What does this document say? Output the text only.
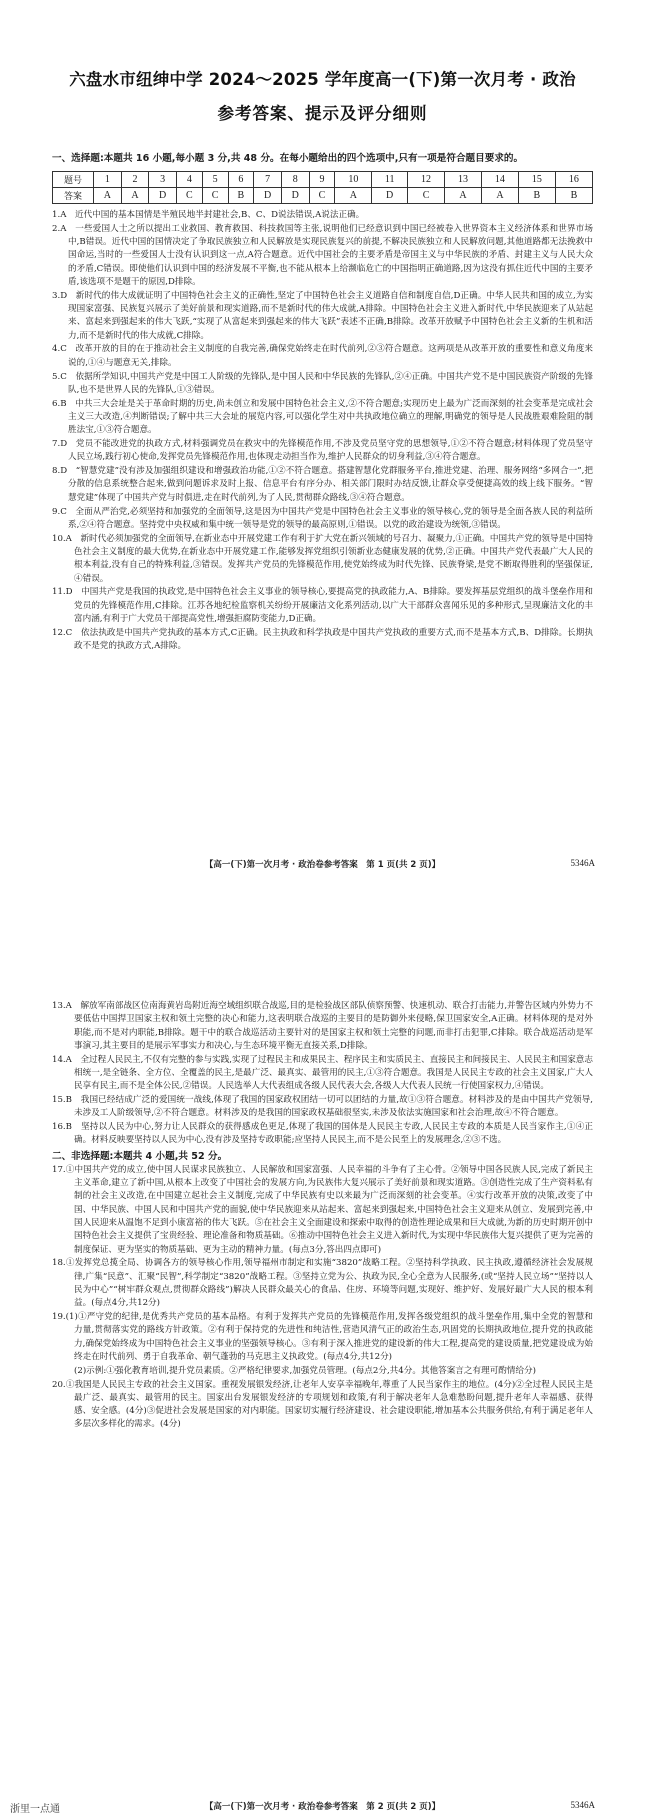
六盘水市纽绅中学 2024～2025 学年度高一(下)第一次月考 · 政治
参考答案、提示及评分细则

一、选择题:本题共 16 小题,每小题 3 分,共 48 分。在每小题给出的四个选项中,只有一项是符合题目要求的。

题号	1	2	3	4	5	6	7	8	9	10	11	12	13	14	15	16
答案	A	A	D	C	C	B	D	D	C	A	D	C	A	A	B	B

1.A　近代中国的基本国情是半殖民地半封建社会,B、C、D说法错误,A说法正确。

2.A　一些爱国人士之所以提出工业救国、教育救国、科技救国等主张,说明他们已经意识到中国已经被卷入世界资本主义经济体系和世界市场中,B错误。近代中国的国情决定了争取民族独立和人民解放是实现民族复兴的前提,不解决民族独立和人民解放问题,其他道路都无法挽救中国命运,当时的一些爱国人士没有认识到这一点,A符合题意。近代中国社会的主要矛盾是帝国主义与中华民族的矛盾、封建主义与人民大众的矛盾,C错误。即使他们认识到中国的经济发展不平衡,也不能从根本上给濒临危亡的中国指明正确道路,因为这没有抓住近代中国的主要矛盾,该选项不是题干的原因,D排除。

3.D　新时代的伟大成就证明了中国特色社会主义的正确性,坚定了中国特色社会主义道路自信和制度自信,D正确。中华人民共和国的成立,为实现国家富强、民族复兴展示了美好前景和现实道路,而不是新时代的伟大成就,A排除。中国特色社会主义进入新时代,中华民族迎来了从站起来、富起来到强起来的伟大飞跃,“实现了从富起来到强起来的伟大飞跃”表述不正确,B排除。改革开放赋予中国特色社会主义新的生机和活力,而不是新时代的伟大成就,C排除。

4.C　改革开放的目的在于推动社会主义制度的自我完善,确保党始终走在时代前列,②③符合题意。这两项是从改革开放的重要性和意义角度来说的,①④与题意无关,排除。

5.C　依据所学知识,中国共产党是中国工人阶级的先锋队,是中国人民和中华民族的先锋队,②④正确。中国共产党不是中国民族资产阶级的先锋队,也不是世界人民的先锋队,①③错误。

6.B　中共三大会址是关于革命时期的历史,尚未创立和发展中国特色社会主义,②不符合题意;实现历史上最为广泛而深刻的社会变革是完成社会主义三大改造,④判断错误;了解中共三大会址的展览内容,可以强化学生对中共执政地位确立的理解,明确党的领导是人民战胜艰难险阻的制胜法宝,①③符合题意。

7.D　党员不能改进党的执政方式,材料强调党员在救灾中的先锋模范作用,不涉及党员坚守党的思想领导,①②不符合题意;材料体现了党员坚守人民立场,践行初心使命,发挥党员先锋模范作用,也体现走动担当作为,维护人民群众的切身利益,③④符合题意。

8.D　“智慧党建”没有涉及加强组织建设和增强政治功能,①②不符合题意。搭建智慧化党群服务平台,推进党建、治理、服务网络“多网合一”,把分散的信息系统整合起来,做到问题诉求及时上报、信息平台有序分办、相关部门限时办结反馈,让群众享受便捷高效的线上线下服务。“智慧党建”体现了中国共产党与时俱进,走在时代前列,为了人民,贯彻群众路线,③④符合题意。

9.C　全面从严治党,必须坚持和加强党的全面领导,这是因为中国共产党是中国特色社会主义事业的领导核心,党的领导是全面各族人民的利益所系,②④符合题意。坚持党中央权威和集中统一领导是党的领导的最高原则,①错误。以党的政治建设为统领,③错误。

10.A　新时代必须加强党的全面领导,在新业态中开展党建工作有利于扩大党在新兴领域的号召力、凝聚力,①正确。中国共产党的领导是中国特色社会主义制度的最大优势,在新业态中开展党建工作,能够发挥党组织引领新业态健康发展的优势,②正确。中国共产党代表最广大人民的根本利益,没有自己的特殊利益,③错误。发挥共产党员的先锋模范作用,使党始终成为时代先锋、民族脊梁,是党不断取得胜利的坚强保证,④错误。

11.D　中国共产党是我国的执政党,是中国特色社会主义事业的领导核心,要提高党的执政能力,A、B排除。要发挥基层党组织的战斗堡垒作用和党员的先锋模范作用,C排除。江苏各地纪检监察机关纷纷开展廉洁文化系列活动,以广大干部群众喜闻乐见的多种形式,呈现廉洁文化的丰富内涵,有利于广大党员干部提高党性,增强拒腐防变能力,D正确。

12.C　依法执政是中国共产党执政的基本方式,C正确。民主执政和科学执政是中国共产党执政的重要方式,而不是基本方式,B、D排除。长期执政不是党的执政方式,A排除。

【高一(下)第一次月考 · 政治卷参考答案　第 1 页(共 2 页)】	5346A

13.A　解放军南部战区位南海黄岩岛附近海空域组织联合战巡,目的是检验战区部队侦察预警、快速机动、联合打击能力,并警告区域内外势力不要低估中国捍卫国家主权和领土完整的决心和能力,这表明联合战巡的主要目的是防御外来侵略,保卫国家安全,A正确。材料体现的是对外职能,而不是对内职能,B排除。题干中的联合战巡活动主要针对的是国家主权和领土完整的问题,而非打击犯罪,C排除。联合战巡活动是军事演习,其主要目的是展示军事实力和决心,与生态环境平衡无直接关系,D排除。

14.A　全过程人民民主,不仅有完整的参与实践,实现了过程民主和成果民主、程序民主和实质民主、直接民主和间接民主、人民民主和国家意志相统一,是全链条、全方位、全覆盖的民主,是最广泛、最真实、最管用的民主,①③符合题意。我国是人民民主专政的社会主义国家,广大人民享有民主,而不是全体公民,②错误。人民选举人大代表组成各级人民代表大会,各级人大代表人民统一行使国家权力,④错误。

15.B　我国已经结成广泛的爱国统一战线,体现了我国的国家政权团结一切可以团结的力量,故①③符合题意。材料涉及的是由中国共产党领导,未涉及工人阶级领导,②不符合题意。材料涉及的是我国的国家政权基础很坚实,未涉及依法实施国家和社会治理,故④不符合题意。

16.B　坚持以人民为中心,努力让人民群众的获得感成色更足,体现了我国的国体是人民民主专政,人民民主专政的本质是人民当家作主,①④正确。材料反映要坚持以人民为中心,没有涉及坚持专政职能;应坚持人民民主,而不是公民至上的发展理念,②③不选。

二、非选择题:本题共 4 小题,共 52 分。

17.①中国共产党的成立,使中国人民谋求民族独立、人民解放和国家富强、人民幸福的斗争有了主心骨。②领导中国各民族人民,完成了新民主主义革命,建立了新中国,从根本上改变了中国社会的发展方向,为民族伟大复兴展示了美好前景和现实道路。③创造性完成了生产资料私有制的社会主义改造,在中国建立起社会主义制度,完成了中华民族有史以来最为广泛而深刻的社会变革。④实行改革开放的决策,改变了中国、中华民族、中国人民和中国共产党的面貌,使中华民族迎来从站起来、富起来到强起来,中国特色社会主义迎来从创立、发展到完善,中国人民迎来从温饱不足到小康富裕的伟大飞跃。⑤在社会主义全面建设和探索中取得的创造性理论成果和巨大成就,为新的历史时期开创中国特色社会主义提供了宝贵经验、理论准备和物质基础。⑥推动中国特色社会主义进入新时代,为实现中华民族伟大复兴提供了更为完善的制度保证、更为坚实的物质基础、更为主动的精神力量。(每点3分,答出四点即可)

18.①发挥党总揽全局、协调各方的领导核心作用,领导福州市制定和实施“3820”战略工程。②坚持科学执政、民主执政,遵循经济社会发展规律,广集“民意”、汇聚“民智”,科学制定“3820”战略工程。③坚持立党为公、执政为民,全心全意为人民服务,(或“坚持人民立场”“坚持以人民为中心”“树牢群众观点,贯彻群众路线”)解决人民群众最关心的食品、住房、环境等问题,实现好、维护好、发展好最广大人民的根本利益。(每点4分,共12分)

19.(1)①严守党的纪律,是优秀共产党员的基本品格。有利于发挥共产党员的先锋模范作用,发挥各级党组织的战斗堡垒作用,集中全党的智慧和力量,贯彻落实党的路线方针政策。②有利于保持党的先进性和纯洁性,营造风清气正的政治生态,巩固党的长期执政地位,提升党的执政能力,确保党始终成为中国特色社会主义事业的坚强领导核心。③有利于深入推进党的建设新的伟大工程,提高党的建设质量,把党建设成为始终走在时代前列、勇于自我革命、朝气蓬勃的马克思主义执政党。(每点4分,共12分)

(2)示例:①强化教育培训,提升党员素质。②严格纪律要求,加强党员管理。(每点2分,共4分。其他答案言之有理可酌情给分)

20.①我国是人民民主专政的社会主义国家。重视发展银发经济,让老年人安享幸福晚年,尊重了人民当家作主的地位。(4分)②全过程人民民主是最广泛、最真实、最管用的民主。国家出台发展银发经济的专项规划和政策,有利于解决老年人急难愁盼问题,提升老年人幸福感、获得感、安全感。(4分)③促进社会发展是国家的对内职能。国家切实履行经济建设、社会建设职能,增加基本公共服务供给,有利于满足老年人多层次多样化的需求。(4分)

浙里一点通	【高一(下)第一次月考 · 政治卷参考答案　第 2 页(共 2 页)】	5346A
